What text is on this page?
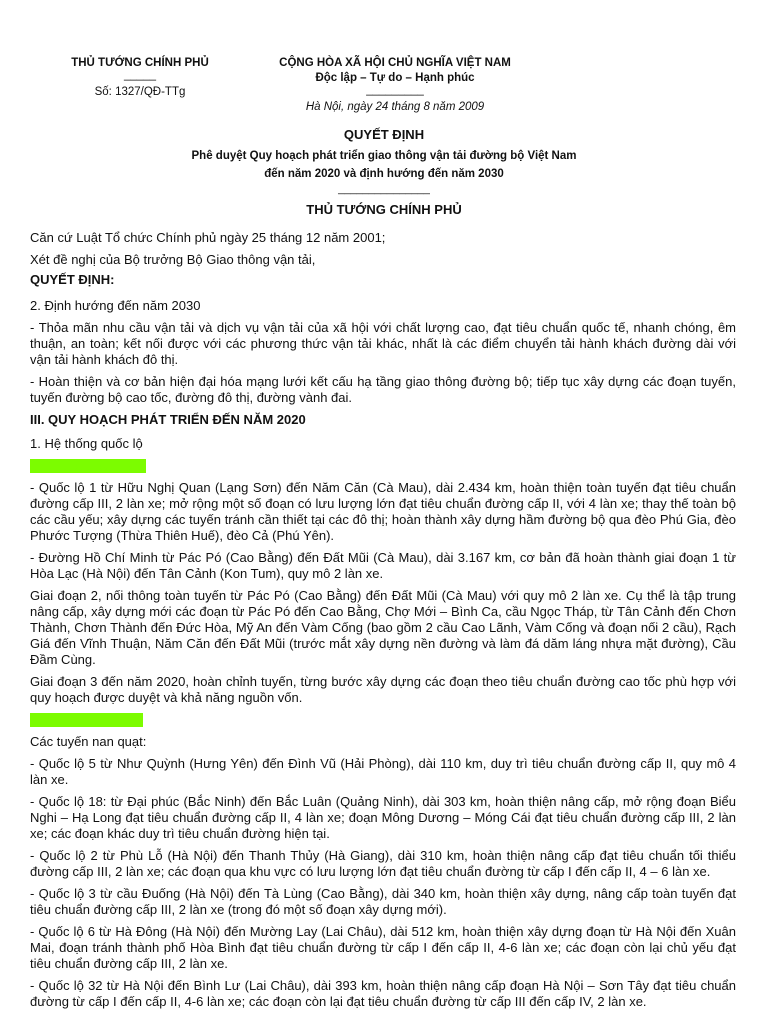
THỦ TƯỚNG CHÍNH PHỦ
_____
Số: 1327/QĐ-TTg
CỘNG HÒA XÃ HỘI CHỦ NGHĨA VIỆT NAM
Độc lập – Tự do – Hạnh phúc
_________
Hà Nội, ngày 24 tháng 8 năm 2009
QUYẾT ĐỊNH
Phê duyệt Quy hoạch phát triển giao thông vận tải đường bộ Việt Nam
đến năm 2020 và định hướng đến năm 2030
_______________
THỦ TƯỚNG CHÍNH PHỦ

Căn cứ Luật Tổ chức Chính phủ ngày 25 tháng 12 năm 2001;

Xét đề nghị của Bộ trưởng Bộ Giao thông vận tải,

QUYẾT ĐỊNH:

2. Định hướng đến năm 2030

- Thỏa mãn nhu cầu vận tải và dịch vụ vận tải của xã hội với chất lượng cao, đạt tiêu chuẩn quốc tế, nhanh chóng, êm thuận, an toàn; kết nối được với các phương thức vận tải khác, nhất là các điểm chuyển tải hành khách đường dài với vận tải hành khách đô thị.

- Hoàn thiện và cơ bản hiện đại hóa mạng lưới kết cấu hạ tầng giao thông đường bộ; tiếp tục xây dựng các đoạn tuyến, tuyến đường bộ cao tốc, đường đô thị, đường vành đai.

III. QUY HOẠCH PHÁT TRIỂN ĐẾN NĂM 2020

1. Hệ thống quốc lộ

a. Trục dọc Bắc Nam

- Quốc lộ 1 từ Hữu Nghị Quan (Lạng Sơn) đến Năm Căn (Cà Mau), dài 2.434 km, hoàn thiện toàn tuyến đạt tiêu chuẩn đường cấp III, 2 làn xe; mở rộng một số đoạn có lưu lượng lớn đạt tiêu chuẩn đường cấp II, với 4 làn xe; thay thế toàn bộ các cầu yếu; xây dựng các tuyến tránh cần thiết tại các đô thị; hoàn thành xây dựng hầm đường bộ qua đèo Phú Gia, đèo Phước Tượng (Thừa Thiên Huế), đèo Cả (Phú Yên).

- Đường Hồ Chí Minh từ Pác Pó (Cao Bằng) đến Đất Mũi (Cà Mau), dài 3.167 km, cơ bản đã hoàn thành giai đoạn 1 từ Hòa Lạc (Hà Nội) đến Tân Cảnh (Kon Tum), quy mô 2 làn xe.

Giai đoạn 2, nối thông toàn tuyến từ Pác Pó (Cao Bằng) đến Đất Mũi (Cà Mau) với quy mô 2 làn xe. Cụ thể là tập trung nâng cấp, xây dựng mới các đoạn từ Pác Pó đến Cao Bằng, Chợ Mới – Bình Ca, cầu Ngọc Tháp, từ Tân Cảnh đến Chơn Thành, Chơn Thành đến Đức Hòa, Mỹ An đến Vàm Cống (bao gồm 2 cầu Cao Lãnh, Vàm Cống và đoạn nối 2 cầu), Rạch Giá đến Vĩnh Thuận, Năm Căn đến Đất Mũi (trước mắt xây dựng nền đường và làm đá dăm láng nhựa mặt đường), Cầu Đầm Cùng.

Giai đoạn 3 đến năm 2020, hoàn chỉnh tuyến, từng bước xây dựng các đoạn theo tiêu chuẩn đường cao tốc phù hợp với quy hoạch được duyệt và khả năng nguồn vốn.

b. Khu vực phía Bắc

Các tuyến nan quạt:

- Quốc lộ 5 từ Như Quỳnh (Hưng Yên) đến Đình Vũ (Hải Phòng), dài 110 km, duy trì tiêu chuẩn đường cấp II, quy mô 4 làn xe.

- Quốc lộ 18: từ Đại phúc (Bắc Ninh) đến Bắc Luân (Quảng Ninh), dài 303 km, hoàn thiện nâng cấp, mở rộng đoạn Biểu Nghi – Hạ Long đạt tiêu chuẩn đường cấp II, 4 làn xe; đoạn Mông Dương – Móng Cái đạt tiêu chuẩn đường cấp III, 2 làn xe; các đoạn khác duy trì tiêu chuẩn đường hiện tại.

- Quốc lộ 2 từ Phù Lỗ (Hà Nội) đến Thanh Thủy (Hà Giang), dài 310 km, hoàn thiện nâng cấp đạt tiêu chuẩn tối thiểu đường cấp III, 2 làn xe; các đoạn qua khu vực có lưu lượng lớn đạt tiêu chuẩn đường từ cấp I đến cấp II, 4 – 6 làn xe.

- Quốc lộ 3 từ cầu Đuống (Hà Nội) đến Tà Lùng (Cao Bằng), dài 340 km, hoàn thiện xây dựng, nâng cấp toàn tuyến đạt tiêu chuẩn đường cấp III, 2 làn xe (trong đó một số đoạn xây dựng mới).

- Quốc lộ 6 từ Hà Đông (Hà Nội) đến Mường Lay (Lai Châu), dài 512 km, hoàn thiện xây dựng đoạn từ Hà Nội đến Xuân Mai, đoạn tránh thành phố Hòa Bình đạt tiêu chuẩn đường từ cấp I đến cấp II, 4-6 làn xe; các đoạn còn lại chủ yếu đạt tiêu chuẩn đường cấp III, 2 làn xe.

- Quốc lộ 32 từ Hà Nội đến Bình Lư (Lai Châu), dài 393 km, hoàn thiện nâng cấp đoạn Hà Nội – Sơn Tây đạt tiêu chuẩn đường từ cấp I đến cấp II, 4-6 làn xe; các đoạn còn lại đạt tiêu chuẩn đường từ cấp III đến cấp IV, 2 làn xe.
